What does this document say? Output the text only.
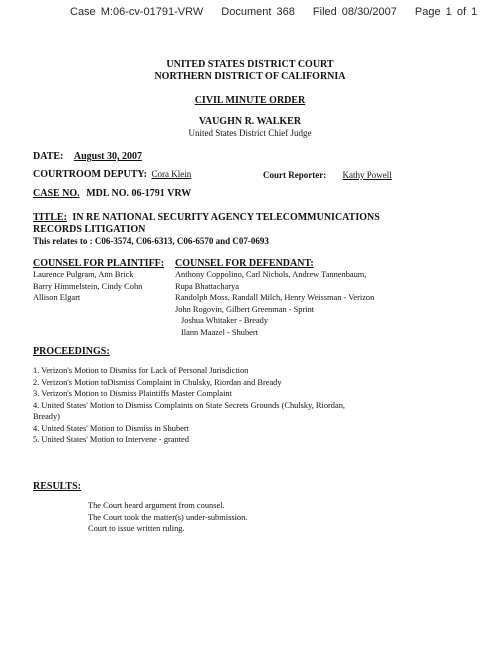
Case M:06-cv-01791-VRW Document 368 Filed 08/30/2007 Page 1 of 1
UNITED STATES DISTRICT COURT
NORTHERN DISTRICT OF CALIFORNIA
CIVIL MINUTE ORDER
VAUGHN R. WALKER
United States District Chief Judge
DATE: August 30, 2007
COURTROOM DEPUTY: Cora Klein	Court Reporter: Kathy Powell
CASE NO. MDL NO. 06-1791 VRW
TITLE: IN RE NATIONAL SECURITY AGENCY TELECOMMUNICATIONS
RECORDS LITIGATION
This relates to : C06-3574, C06-6313, C06-6570 and C07-0693
COUNSEL FOR PLAINTIFF:
Laurence Pulgram, Ann Brick
Barry Himmelstein, Cindy Cohn
Allison Elgart
COUNSEL FOR DEFENDANT:
Anthony Coppolino, Carl Nichols, Andrew Tannenbaum,
Rupa Bhattacharya
Randolph Moss, Randall Milch, Henry Weissman - Verizon
John Rogovin, Gilbert Greenman - Sprint
Joshua Whitaker - Bready
Ilann Maazel - Shubert
PROCEEDINGS:
1. Verizon's Motion to Dismiss for Lack of Personal Jurisdiction
2. Verizon's Motion toDismiss Complaint in Chulsky, Riordan and Bready
3. Verizon's Motion to Dismiss Plaintiffs Master Complaint
4. United States' Motion to Dismiss Complaints on State Secrets Grounds (Chulsky, Riordan,
Bready)
4. United States' Motion to Dismiss in Shubert
5. United States' Motion to Intervene - granted
RESULTS:
The Court heard argument from counsel.
The Court took the matter(s) under-submission.
Court to issue written ruling.
